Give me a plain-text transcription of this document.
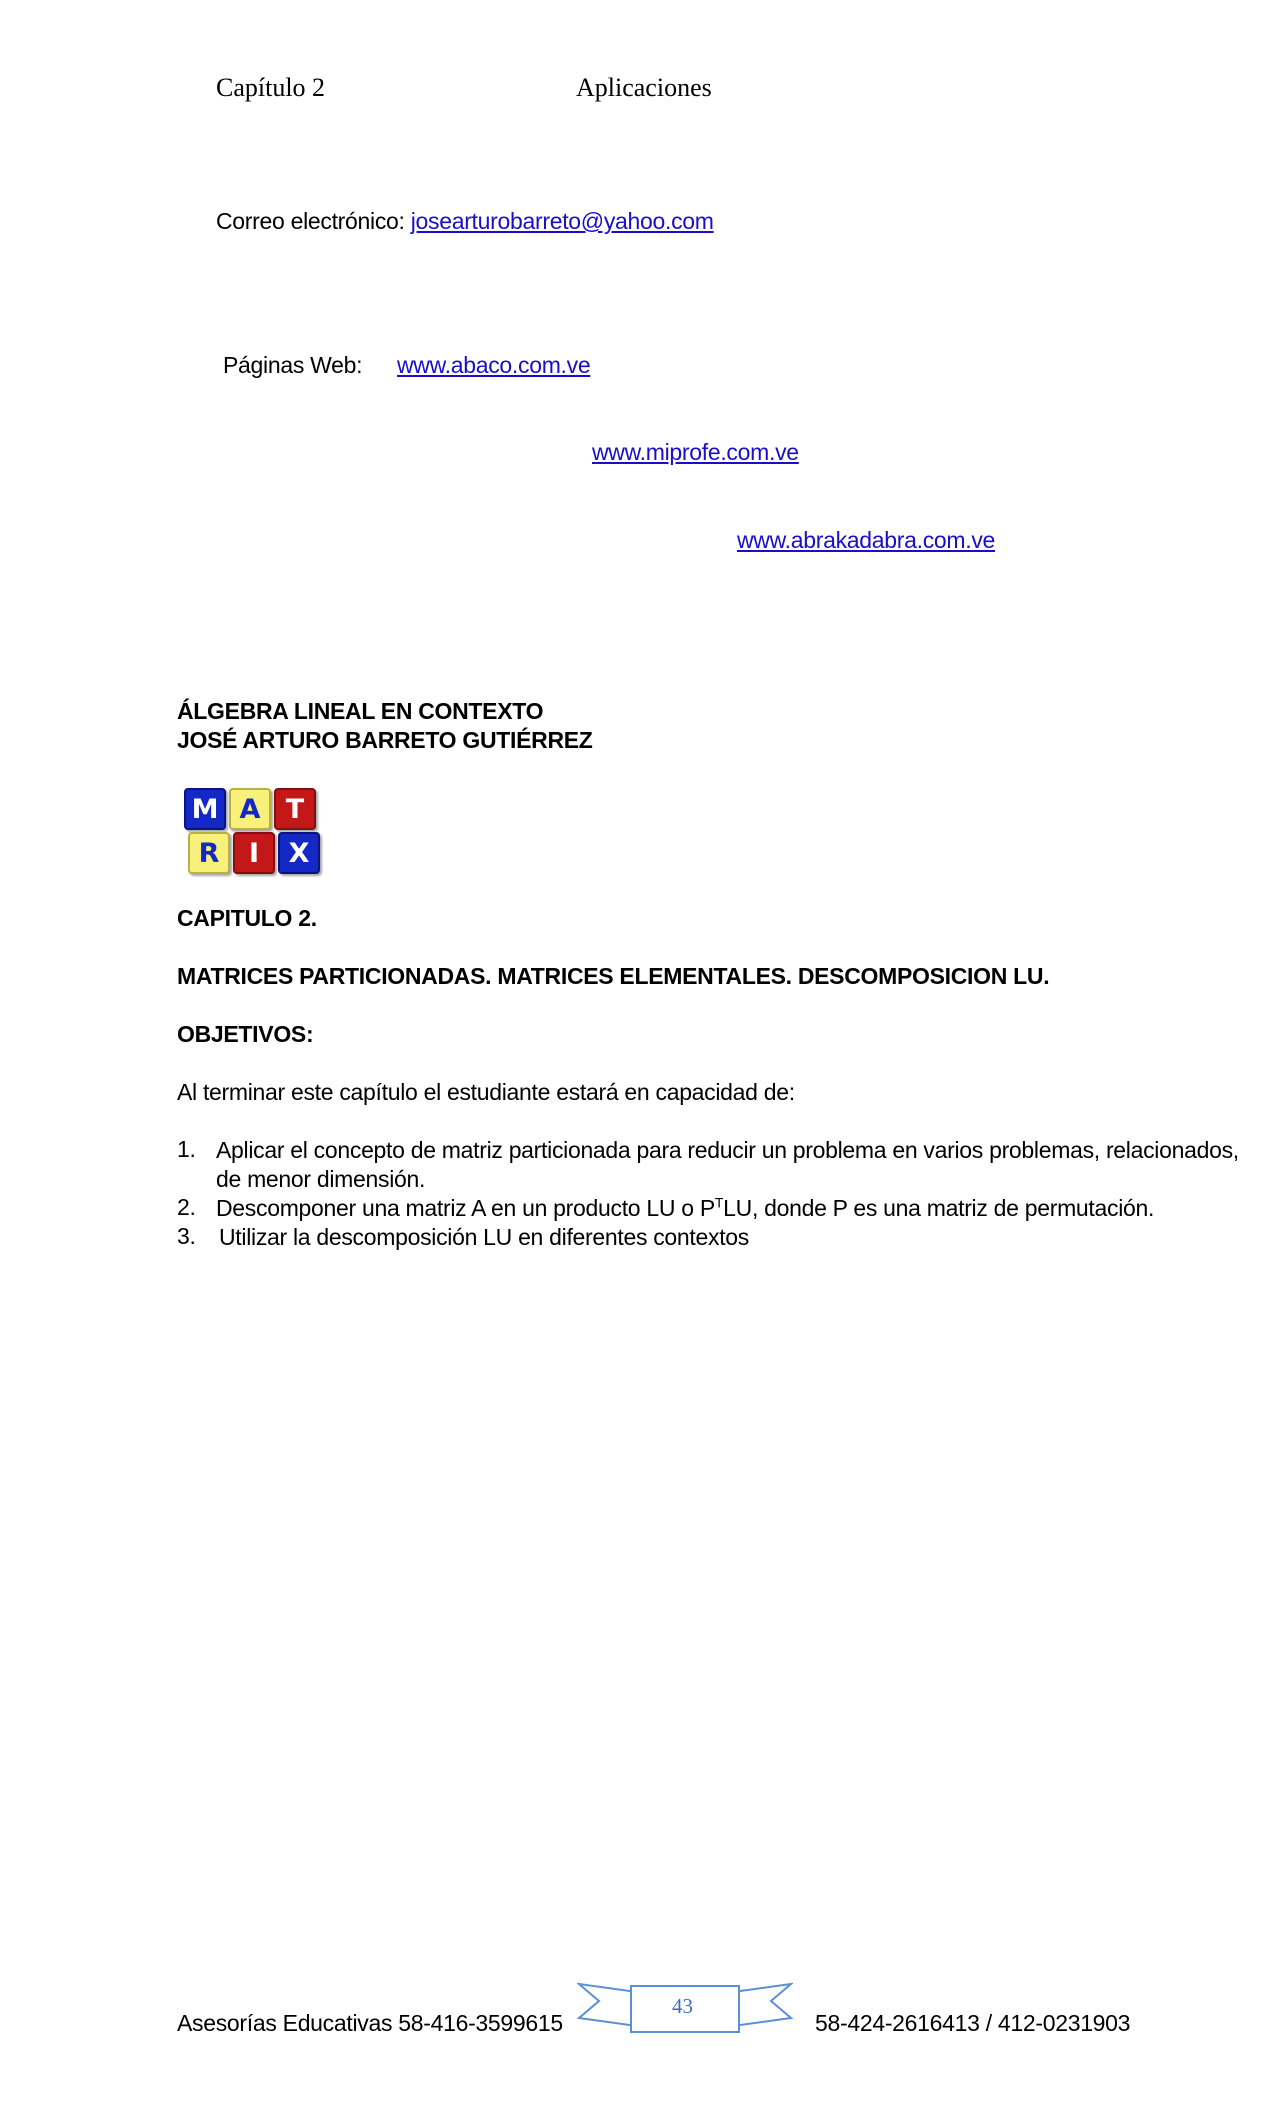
Capítulo 2	Aplicaciones
Correo electrónico: josearturobarreto@yahoo.com
Páginas Web: www.abaco.com.ve
www.miprofe.com.ve
www.abrakadabra.com.ve
ÁLGEBRA LINEAL EN CONTEXTO
JOSÉ ARTURO BARRETO GUTIÉRREZ
M A T
R	I	X
CAPITULO 2.
MATRICES PARTICIONADAS. MATRICES ELEMENTALES. DESCOMPOSICION LU.
OBJETIVOS:
Al terminar este capítulo el estudiante estará en capacidad de:
1. Aplicar el concepto de matriz particionada para reducir un problema en varios problemas, relacionados, de menor dimensión.
2. Descomponer una matriz A en un producto LU o $P^TLU$, donde P es una matriz de permutación.
3. Utilizar la descomposición LU en diferentes contextos
Asesorías Educativas 58-416-3599615
43
58-424-2616413 / 412-0231903
